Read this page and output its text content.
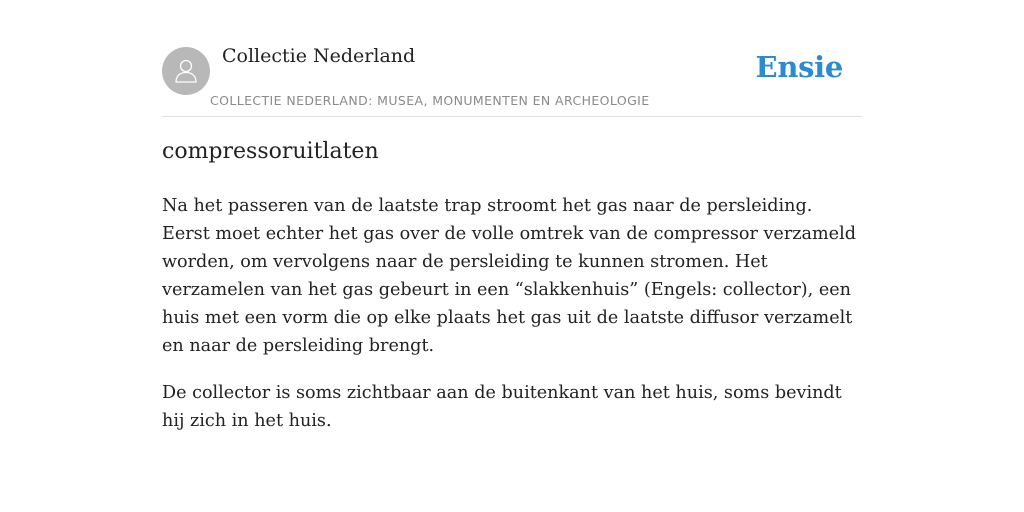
Collectie Nederland
COLLECTIE NEDERLAND: MUSEA, MONUMENTEN EN ARCHEOLOGIE
Ensie
compressoruitlaten

Na het passeren van de laatste trap stroomt het gas naar de persleiding. Eerst moet echter het gas over de volle omtrek van de compressor verzameld worden, om vervolgens naar de persleiding te kunnen stromen. Het verzamelen van het gas gebeurt in een “slakkenhuis” (Engels: collector), een huis met een vorm die op elke plaats het gas uit de laatste diffusor verzamelt en naar de persleiding brengt.

De collector is soms zichtbaar aan de buitenkant van het huis, soms bevindt hij zich in het huis.
